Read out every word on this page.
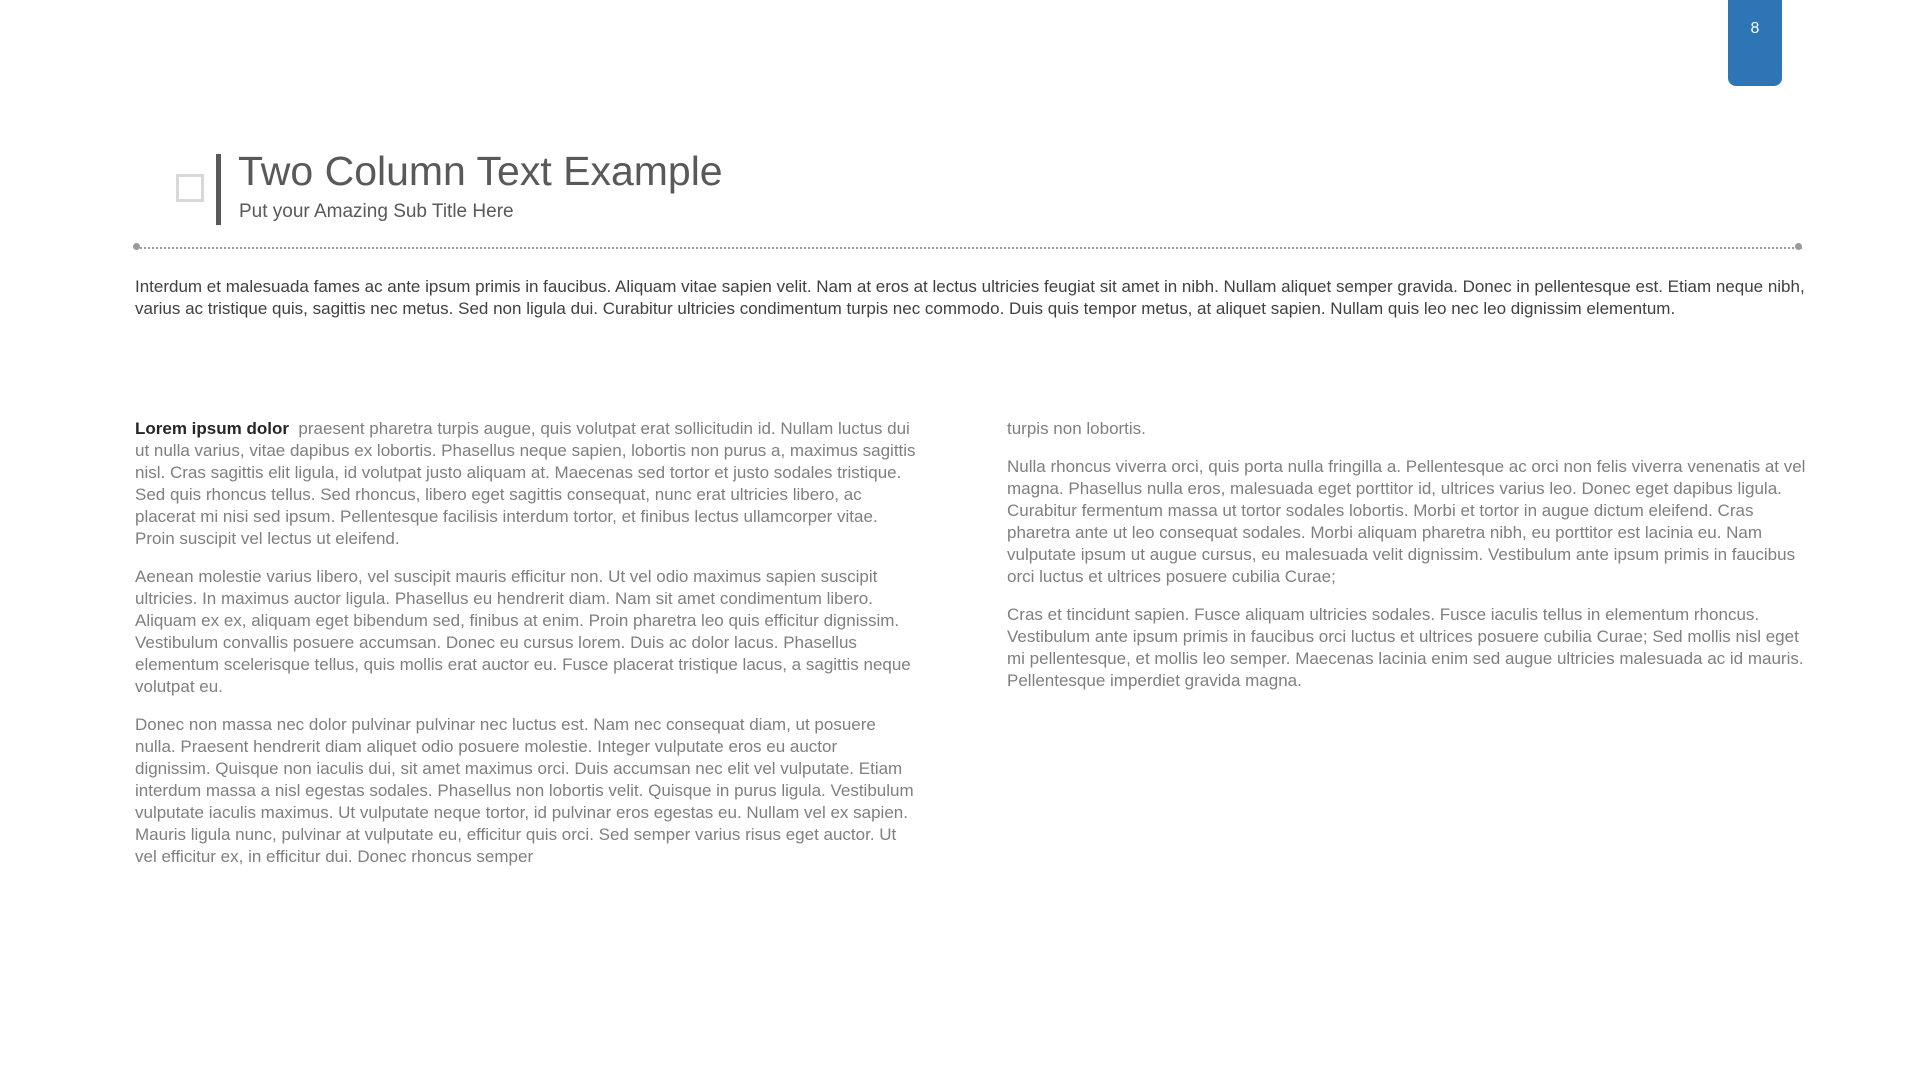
8
Two Column Text Example
Put your Amazing Sub Title Here

Interdum et malesuada fames ac ante ipsum primis in faucibus. Aliquam vitae sapien velit. Nam at eros at lectus ultricies feugiat sit amet in nibh. Nullam aliquet semper gravida. Donec in pellentesque est. Etiam neque nibh, varius ac tristique quis, sagittis nec metus. Sed non ligula dui. Curabitur ultricies condimentum turpis nec commodo. Duis quis tempor metus, at aliquet sapien. Nullam quis leo nec leo dignissim elementum.

Lorem ipsum dolor praesent pharetra turpis augue, quis volutpat erat sollicitudin id. Nullam luctus dui ut nulla varius, vitae dapibus ex lobortis. Phasellus neque sapien, lobortis non purus a, maximus sagittis nisl. Cras sagittis elit ligula, id volutpat justo aliquam at. Maecenas sed tortor et justo sodales tristique. Sed quis rhoncus tellus. Sed rhoncus, libero eget sagittis consequat, nunc erat ultricies libero, ac placerat mi nisi sed ipsum. Pellentesque facilisis interdum tortor, et finibus lectus ullamcorper vitae. Proin suscipit vel lectus ut eleifend.

Aenean molestie varius libero, vel suscipit mauris efficitur non. Ut vel odio maximus sapien suscipit ultricies. In maximus auctor ligula. Phasellus eu hendrerit diam. Nam sit amet condimentum libero. Aliquam ex ex, aliquam eget bibendum sed, finibus at enim. Proin pharetra leo quis efficitur dignissim. Vestibulum convallis posuere accumsan. Donec eu cursus lorem. Duis ac dolor lacus. Phasellus elementum scelerisque tellus, quis mollis erat auctor eu. Fusce placerat tristique lacus, a sagittis neque volutpat eu.

Donec non massa nec dolor pulvinar pulvinar nec luctus est. Nam nec consequat diam, ut posuere nulla. Praesent hendrerit diam aliquet odio posuere molestie. Integer vulputate eros eu auctor dignissim. Quisque non iaculis dui, sit amet maximus orci. Duis accumsan nec elit vel vulputate. Etiam interdum massa a nisl egestas sodales. Phasellus non lobortis velit. Quisque in purus ligula. Vestibulum vulputate iaculis maximus. Ut vulputate neque tortor, id pulvinar eros egestas eu. Nullam vel ex sapien. Mauris ligula nunc, pulvinar at vulputate eu, efficitur quis orci. Sed semper varius risus eget auctor. Ut vel efficitur ex, in efficitur dui. Donec rhoncus semper

turpis non lobortis.

Nulla rhoncus viverra orci, quis porta nulla fringilla a. Pellentesque ac orci non felis viverra venenatis at vel magna. Phasellus nulla eros, malesuada eget porttitor id, ultrices varius leo. Donec eget dapibus ligula. Curabitur fermentum massa ut tortor sodales lobortis. Morbi et tortor in augue dictum eleifend. Cras pharetra ante ut leo consequat sodales. Morbi aliquam pharetra nibh, eu porttitor est lacinia eu. Nam vulputate ipsum ut augue cursus, eu malesuada velit dignissim. Vestibulum ante ipsum primis in faucibus orci luctus et ultrices posuere cubilia Curae;

Cras et tincidunt sapien. Fusce aliquam ultricies sodales. Fusce iaculis tellus in elementum rhoncus. Vestibulum ante ipsum primis in faucibus orci luctus et ultrices posuere cubilia Curae; Sed mollis nisl eget mi pellentesque, et mollis leo semper. Maecenas lacinia enim sed augue ultricies malesuada ac id mauris. Pellentesque imperdiet gravida magna.
